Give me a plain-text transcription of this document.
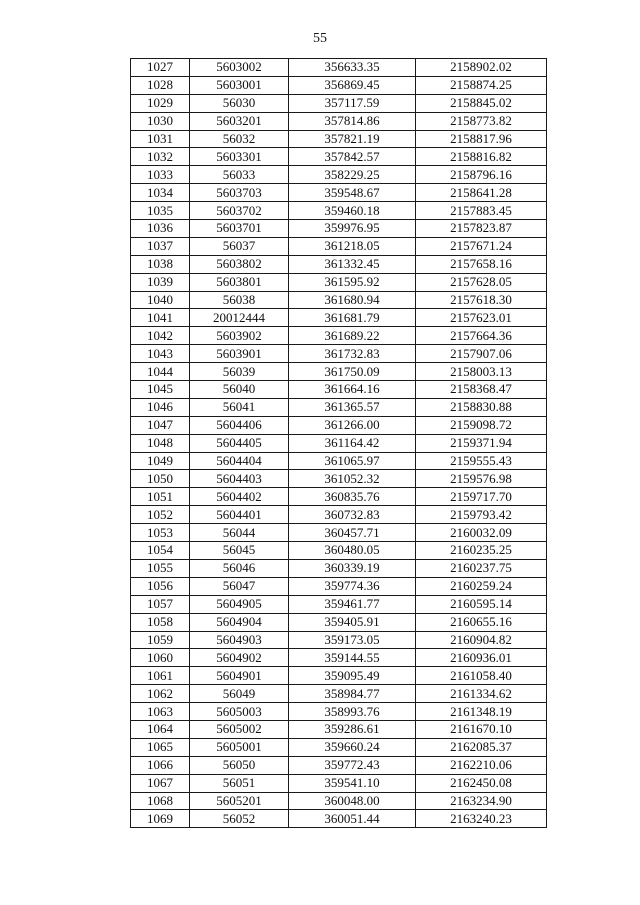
55
1027	5603002	356633.35	2158902.02
1028	5603001	356869.45	2158874.25
1029	56030	357117.59	2158845.02
1030	5603201	357814.86	2158773.82
1031	56032	357821.19	2158817.96
1032	5603301	357842.57	2158816.82
1033	56033	358229.25	2158796.16
1034	5603703	359548.67	2158641.28
1035	5603702	359460.18	2157883.45
1036	5603701	359976.95	2157823.87
1037	56037	361218.05	2157671.24
1038	5603802	361332.45	2157658.16
1039	5603801	361595.92	2157628.05
1040	56038	361680.94	2157618.30
1041	20012444	361681.79	2157623.01
1042	5603902	361689.22	2157664.36
1043	5603901	361732.83	2157907.06
1044	56039	361750.09	2158003.13
1045	56040	361664.16	2158368.47
1046	56041	361365.57	2158830.88
1047	5604406	361266.00	2159098.72
1048	5604405	361164.42	2159371.94
1049	5604404	361065.97	2159555.43
1050	5604403	361052.32	2159576.98
1051	5604402	360835.76	2159717.70
1052	5604401	360732.83	2159793.42
1053	56044	360457.71	2160032.09
1054	56045	360480.05	2160235.25
1055	56046	360339.19	2160237.75
1056	56047	359774.36	2160259.24
1057	5604905	359461.77	2160595.14
1058	5604904	359405.91	2160655.16
1059	5604903	359173.05	2160904.82
1060	5604902	359144.55	2160936.01
1061	5604901	359095.49	2161058.40
1062	56049	358984.77	2161334.62
1063	5605003	358993.76	2161348.19
1064	5605002	359286.61	2161670.10
1065	5605001	359660.24	2162085.37
1066	56050	359772.43	2162210.06
1067	56051	359541.10	2162450.08
1068	5605201	360048.00	2163234.90
1069	56052	360051.44	2163240.23
